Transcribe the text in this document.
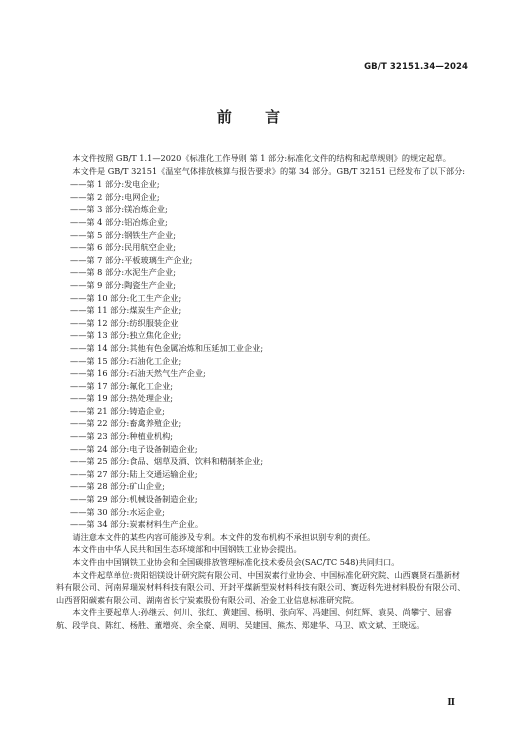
GB/T 32151.34—2024
前 言

本文件按照 GB/T 1.1—2020《标准化工作导则 第 1 部分:标准化文件的结构和起草规则》的规定起草。

本文件是 GB/T 32151《温室气体排放核算与报告要求》的第 34 部分。GB/T 32151 已经发布了以下部分:

——第 1 部分:发电企业;
——第 2 部分:电网企业;
——第 3 部分:镁冶炼企业;
——第 4 部分:铝冶炼企业;
——第 5 部分:钢铁生产企业;
——第 6 部分:民用航空企业;
——第 7 部分:平板玻璃生产企业;
——第 8 部分:水泥生产企业;
——第 9 部分:陶瓷生产企业;
——第 10 部分:化工生产企业;
——第 11 部分:煤炭生产企业;
——第 12 部分:纺织服装企业
——第 13 部分:独立焦化企业;
——第 14 部分:其他有色金属冶炼和压延加工业企业;
——第 15 部分:石油化工企业;
——第 16 部分:石油天然气生产企业;
——第 17 部分:氟化工企业;
——第 19 部分:热处理企业;
——第 21 部分:铸造企业;
——第 22 部分:畜禽养殖企业;
——第 23 部分:种植业机构;
——第 24 部分:电子设备制造企业;
——第 25 部分:食品、烟草及酒、饮料和精制茶企业;
——第 27 部分:陆上交通运输企业;
——第 28 部分:矿山企业;
——第 29 部分:机械设备制造企业;
——第 30 部分:水运企业;
——第 34 部分:炭素材料生产企业。

请注意本文件的某些内容可能涉及专利。本文件的发布机构不承担识别专利的责任。

本文件由中华人民共和国生态环境部和中国钢铁工业协会提出。

本文件由中国钢铁工业协会和全国碳排放管理标准化技术委员会(SAC/TC 548)共同归口。

本文件起草单位:贵阳铝镁设计研究院有限公司、中国炭素行业协会、中国标准化研究院、山西襄贤石墨新材料有限公司、河南昇瑞炭材料科技有限公司、开封平煤新型炭材料科技有限公司、赛迈科先进材料股份有限公司、山西晋阳碳素有限公司、湖南省长宁炭素股份有限公司、冶金工业信息标准研究院。

本文件主要起草人:孙继云、何川、张红、黄建国、杨明、张向军、冯建国、何红辉、袁昊、尚攀宁、屈睿航、段学良、陈红、杨胜、董增亮、余全豪、周明、吴建国、熊杰、郑建华、马卫、欧文斌、王晓远。

Ⅱ
